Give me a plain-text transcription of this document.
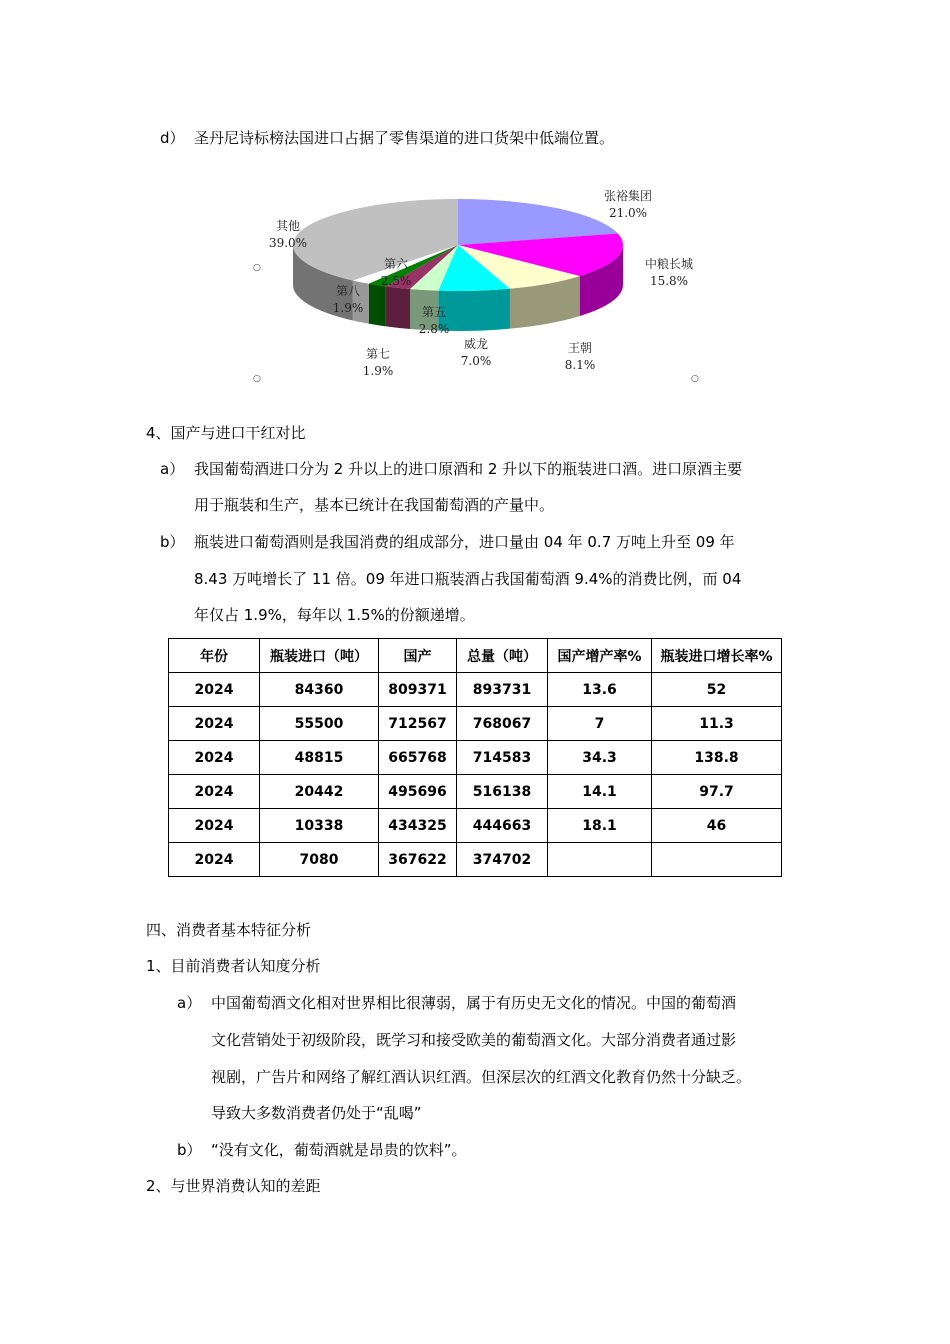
d） 圣丹尼诗标榜法国进口占据了零售渠道的进口货架中低端位置。
张裕集团 21.0%
中粮长城 15.8%
王朝 8.1%
威龙 7.0%
第五 2.8%
第六 2.5%
第七 1.9%
第八 1.9%
其他 39.0%
○
○	○
4、国产与进口干红对比
a） 我国葡萄酒进口分为 2 升以上的进口原酒和 2 升以下的瓶装进口酒。进口原酒主要
用于瓶装和生产，基本已统计在我国葡萄酒的产量中。
b） 瓶装进口葡萄酒则是我国消费的组成部分，进口量由 04 年 0.7 万吨上升至 09 年
8.43 万吨增长了 11 倍。09 年进口瓶装酒占我国葡萄酒 9.4%的消费比例，而 04
年仅占 1.9%，每年以 1.5%的份额递增。
年份	瓶装进口（吨）	国产	总量（吨）	国产增产率%	瓶装进口增长率%
2024	84360	809371	893731	13.6	52
2024	55500	712567	768067	7	11.3
2024	48815	665768	714583	34.3	138.8
2024	20442	495696	516138	14.1	97.7
2024	10338	434325	444663	18.1	46
2024	7080	367622	374702		
四、消费者基本特征分析
1、目前消费者认知度分析
a） 中国葡萄酒文化相对世界相比很薄弱，属于有历史无文化的情况。中国的葡萄酒
文化营销处于初级阶段，既学习和接受欧美的葡萄酒文化。大部分消费者通过影
视剧，广告片和网络了解红酒认识红酒。但深层次的红酒文化教育仍然十分缺乏。
导致大多数消费者仍处于“乱喝”
b） “没有文化，葡萄酒就是昂贵的饮料”。
2、与世界消费认知的差距
